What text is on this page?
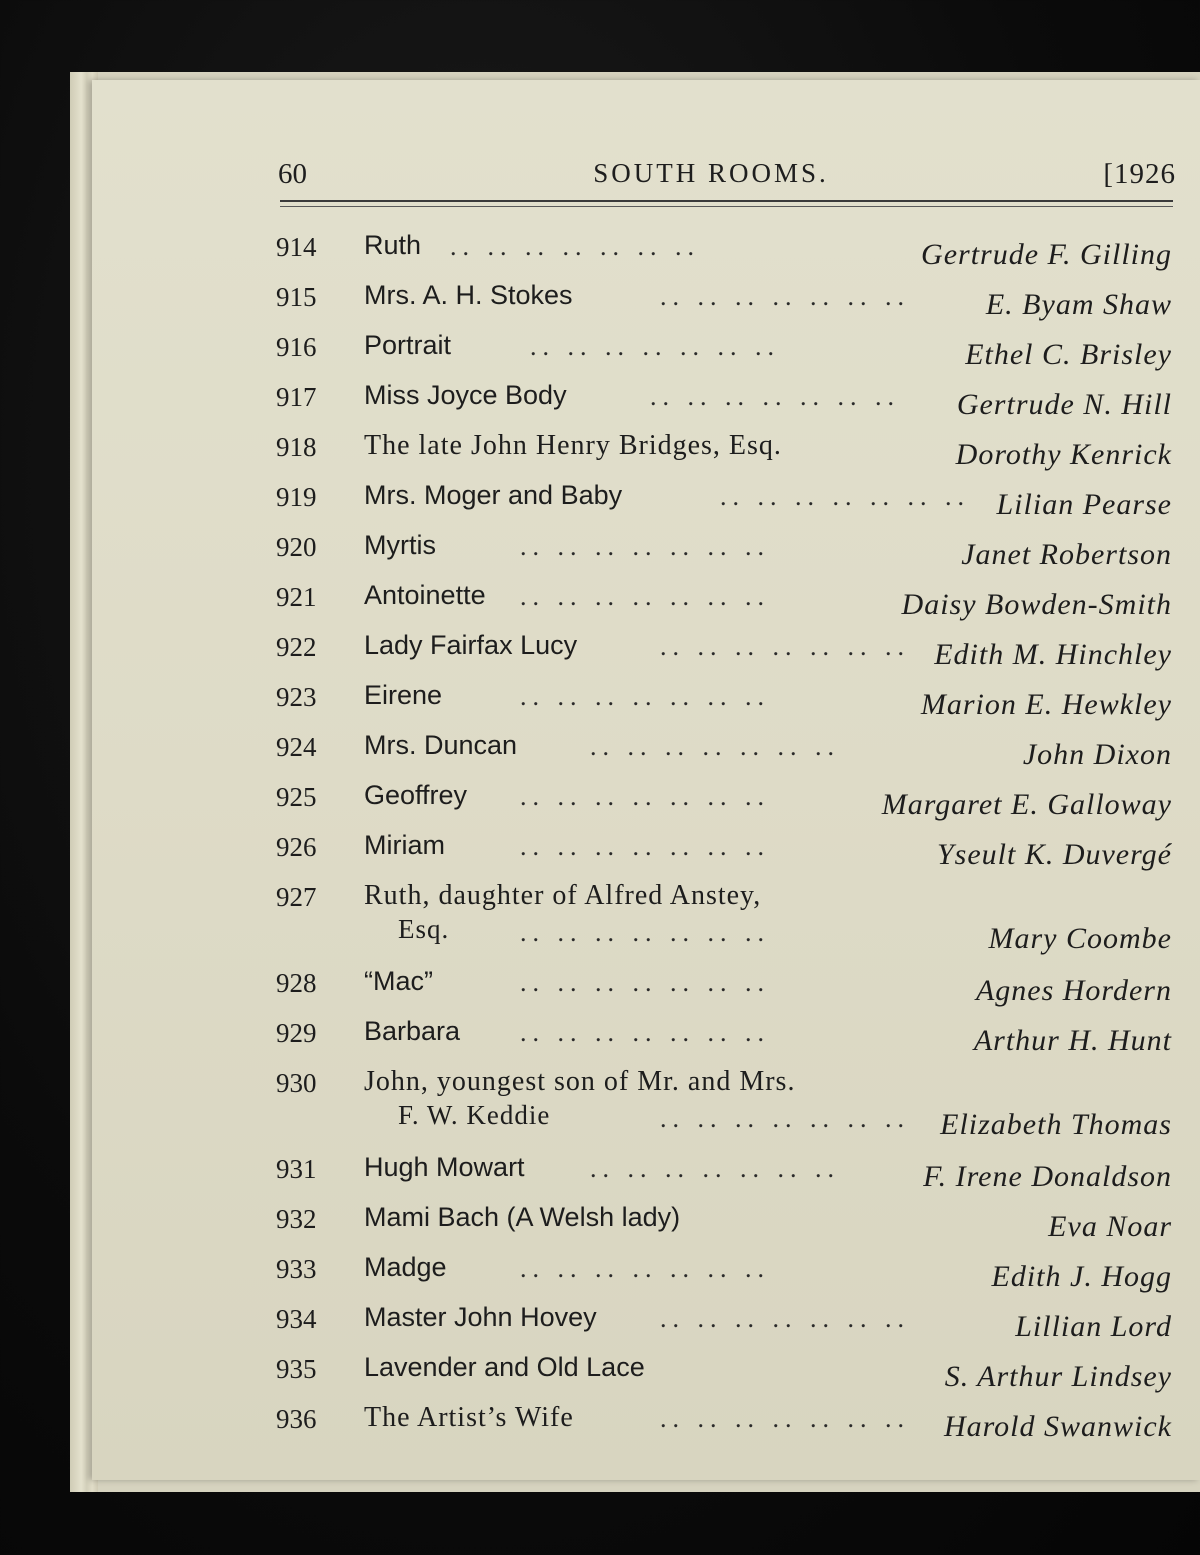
60	SOUTH ROOMS.	[1926
914 Ruth .. .. .. .. .. .. ..	Gertrude F. Gilling
915 Mrs. A. H. Stokes	.. .. .. .. .. .. ..	E. Byam Shaw
916 Portrait	.. .. .. .. .. .. ..	Ethel C. Brisley
917 Miss Joyce Body	.. .. .. .. .. .. .. Gertrude N. Hill
918 The late John Henry Bridges, Esq.	Dorothy Kenrick
919 Mrs. Moger and Baby	.. .. .. .. .. .. .. Lilian Pearse
920 Myrtis	.. .. .. .. .. .. ..	Janet Robertson
921 Antoinette .. .. .. .. .. .. ..	Daisy Bowden-Smith
922 Lady Fairfax Lucy	.. .. .. .. .. .. .. Edith M. Hinchley
923 Eirene	.. .. .. .. .. .. ..	Marion E. Hewkley
924 Mrs. Duncan	.. .. .. .. .. .. ..	John Dixon
925 Geoffrey .. .. .. .. .. .. ..	Margaret E. Galloway
926 Miriam	.. .. .. .. .. .. ..	Yseult K. Duvergé
927 Ruth, daughter of Alfred Anstey,
Esq.	.. .. .. .. .. .. ..	Mary Coombe
928 “Mac”	.. .. .. .. .. .. ..	Agnes Hordern
929 Barbara .. .. .. .. .. .. ..	Arthur H. Hunt
930 John, youngest son of Mr. and Mrs.
F. W. Keddie	.. .. .. .. .. .. .. Elizabeth Thomas
931 Hugh Mowart	.. .. .. .. .. .. ..	F. Irene Donaldson
932 Mami Bach (A Welsh lady)	Eva Noar
933 Madge	.. .. .. .. .. .. ..	Edith J. Hogg
934 Master John Hovey .. .. .. .. .. .. ..	Lillian Lord
935 Lavender and Old Lace	S. Arthur Lindsey
936 The Artist’s Wife	.. .. .. .. .. .. .. Harold Swanwick
